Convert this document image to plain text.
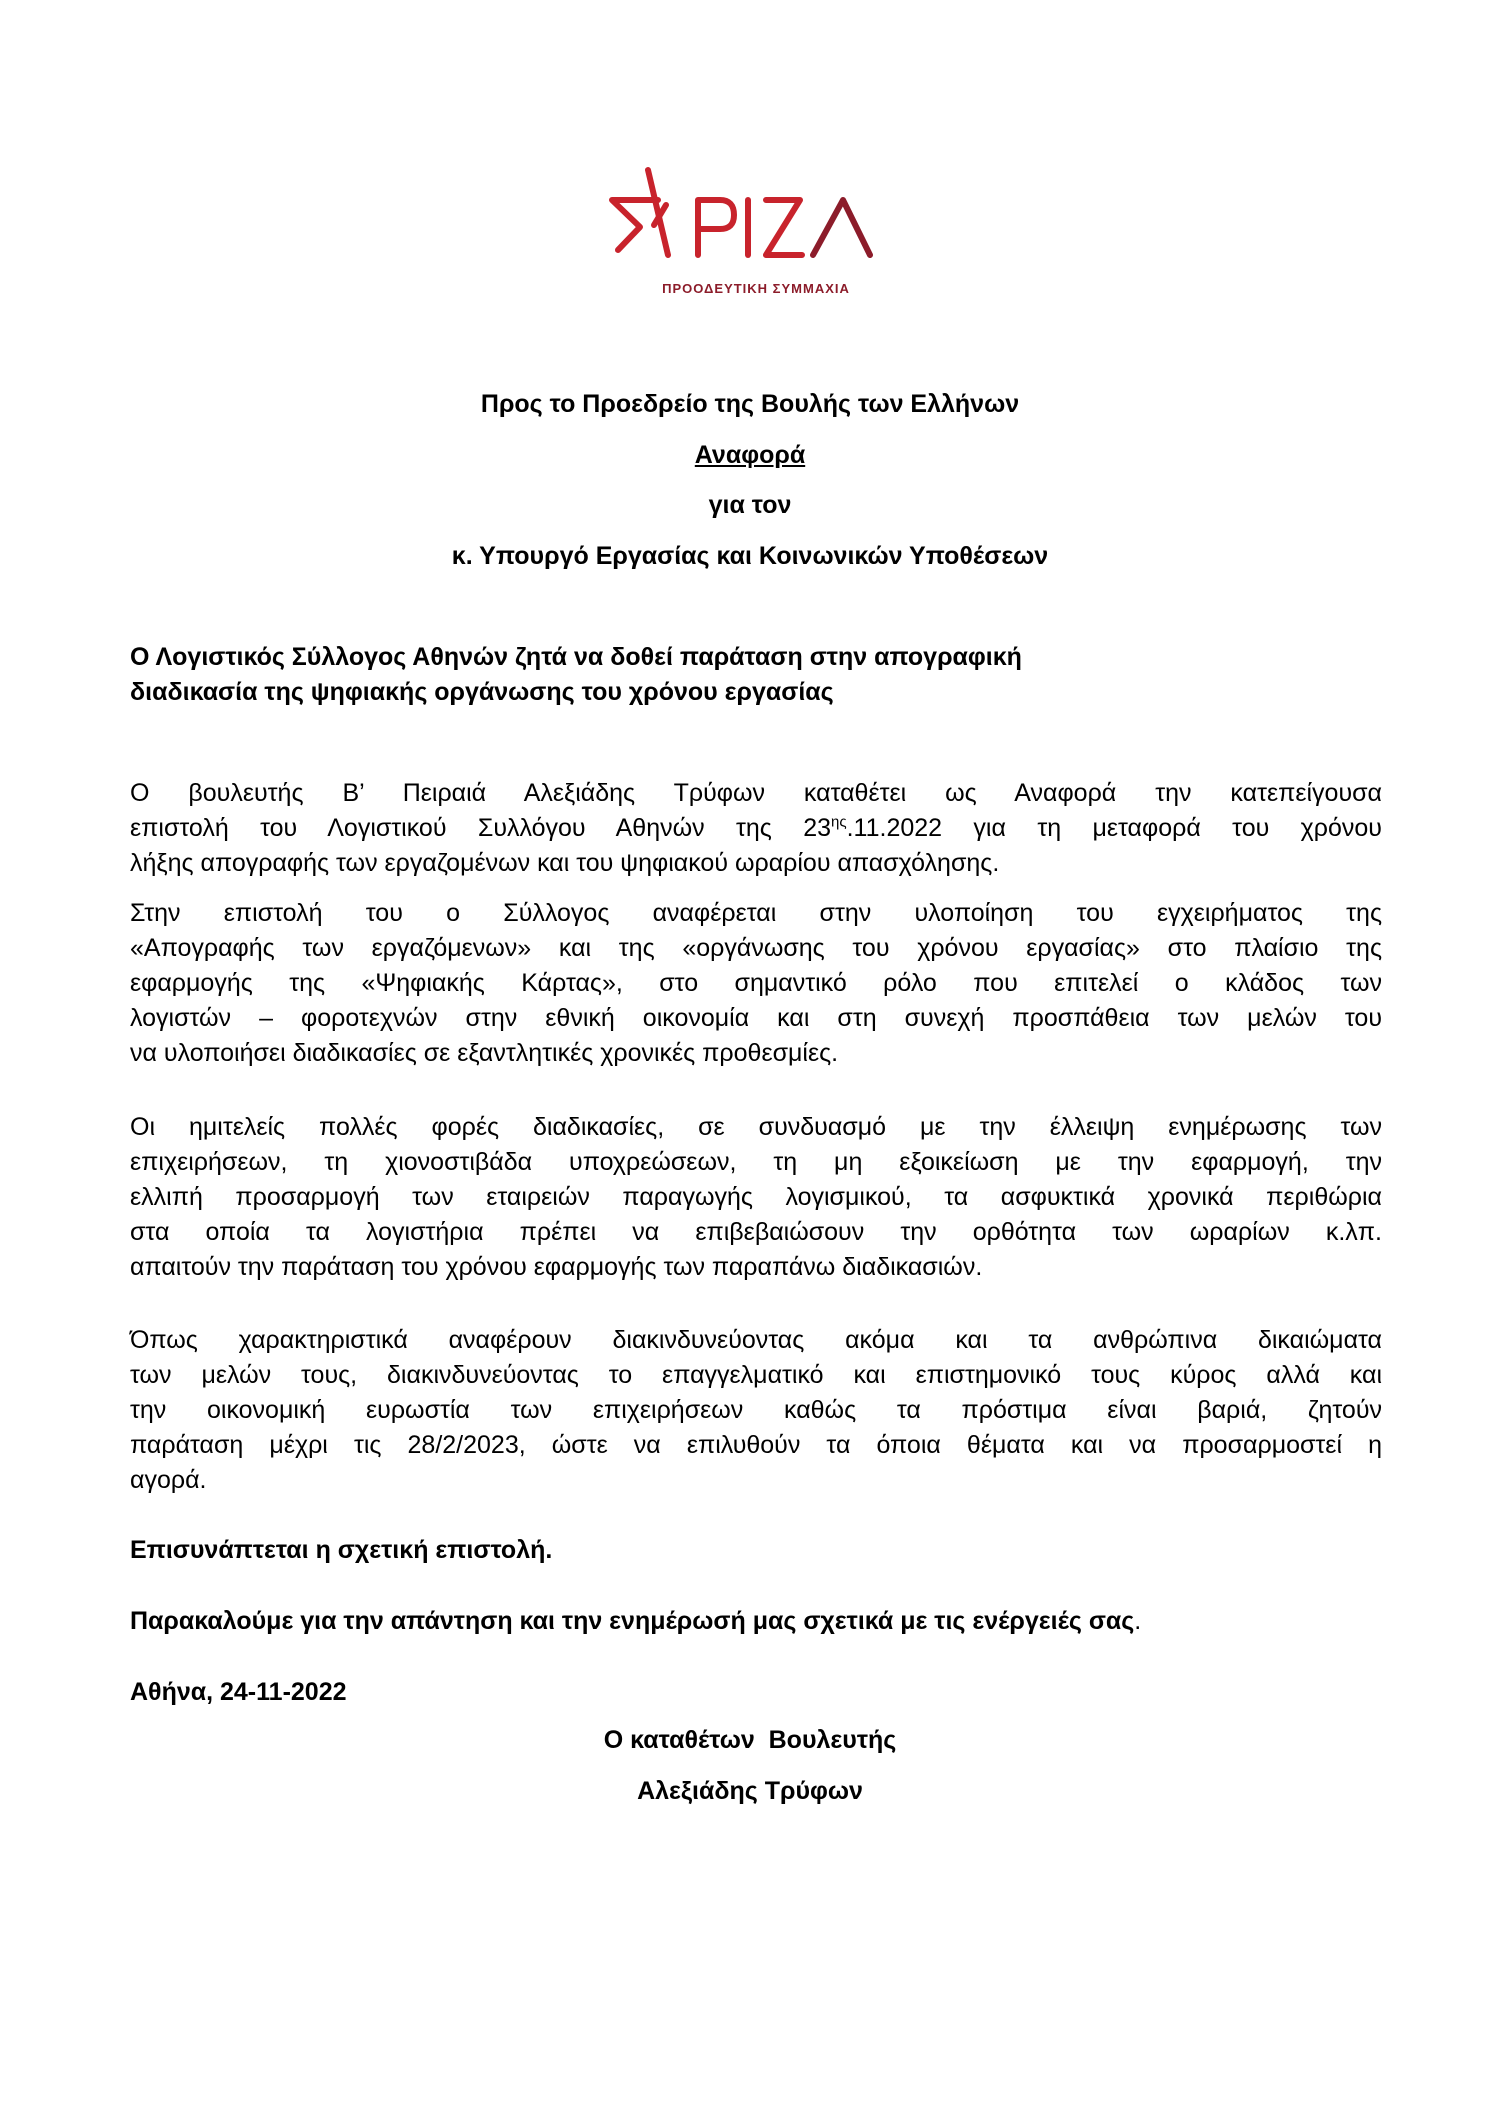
ΠΡΟΟΔΕΥΤΙΚΗ ΣΥΜΜΑΧΙΑ
Προς το Προεδρείο της Βουλής των Ελλήνων
Αναφορά
για τον
κ. Υπουργό Εργασίας και Κοινωνικών Υποθέσεων
Ο Λογιστικός Σύλλογος Αθηνών ζητά να δοθεί παράταση στην απογραφική
διαδικασία της ψηφιακής οργάνωσης του χρόνου εργασίας
Ο βουλευτής Β’ Πειραιά Αλεξιάδης Τρύφων καταθέτει ως Αναφορά την κατεπείγουσα
επιστολή του Λογιστικού Συλλόγου Αθηνών της $23^{\eta\varsigma}.11.2022$ για τη μεταφορά του χρόνου
λήξης απογραφής των εργαζομένων και του ψηφιακού ωραρίου απασχόλησης.
Στην επιστολή του ο Σύλλογος αναφέρεται στην υλοποίηση του εγχειρήματος της
«Απογραφής των εργαζόμενων» και της «οργάνωσης του χρόνου εργασίας» στο πλαίσιο της
εφαρμογής της «Ψηφιακής Κάρτας», στο σημαντικό ρόλο που επιτελεί ο κλάδος των
λογιστών – φοροτεχνών στην εθνική οικονομία και στη συνεχή προσπάθεια των μελών του
να υλοποιήσει διαδικασίες σε εξαντλητικές χρονικές προθεσμίες.
Οι ημιτελείς πολλές φορές διαδικασίες, σε συνδυασμό με την έλλειψη ενημέρωσης των
επιχειρήσεων, τη χιονοστιβάδα υποχρεώσεων, τη μη εξοικείωση με την εφαρμογή, την
ελλιπή προσαρμογή των εταιρειών παραγωγής λογισμικού, τα ασφυκτικά χρονικά περιθώρια
στα οποία τα λογιστήρια πρέπει να επιβεβαιώσουν την ορθότητα των ωραρίων κ.λπ.
απαιτούν την παράταση του χρόνου εφαρμογής των παραπάνω διαδικασιών.
Όπως χαρακτηριστικά αναφέρουν διακινδυνεύοντας ακόμα και τα ανθρώπινα δικαιώματα
των μελών τους, διακινδυνεύοντας το επαγγελματικό και επιστημονικό τους κύρος αλλά και
την οικονομική ευρωστία των επιχειρήσεων καθώς τα πρόστιμα είναι βαριά, ζητούν
παράταση μέχρι τις 28/2/2023, ώστε να επιλυθούν τα όποια θέματα και να προσαρμοστεί η
αγορά.
Επισυνάπτεται η σχετική επιστολή.
Παρακαλούμε για την απάντηση και την ενημέρωσή μας σχετικά με τις ενέργειές σας.
Αθήνα, 24-11-2022
Ο καταθέτων  Βουλευτής
Αλεξιάδης Τρύφων
